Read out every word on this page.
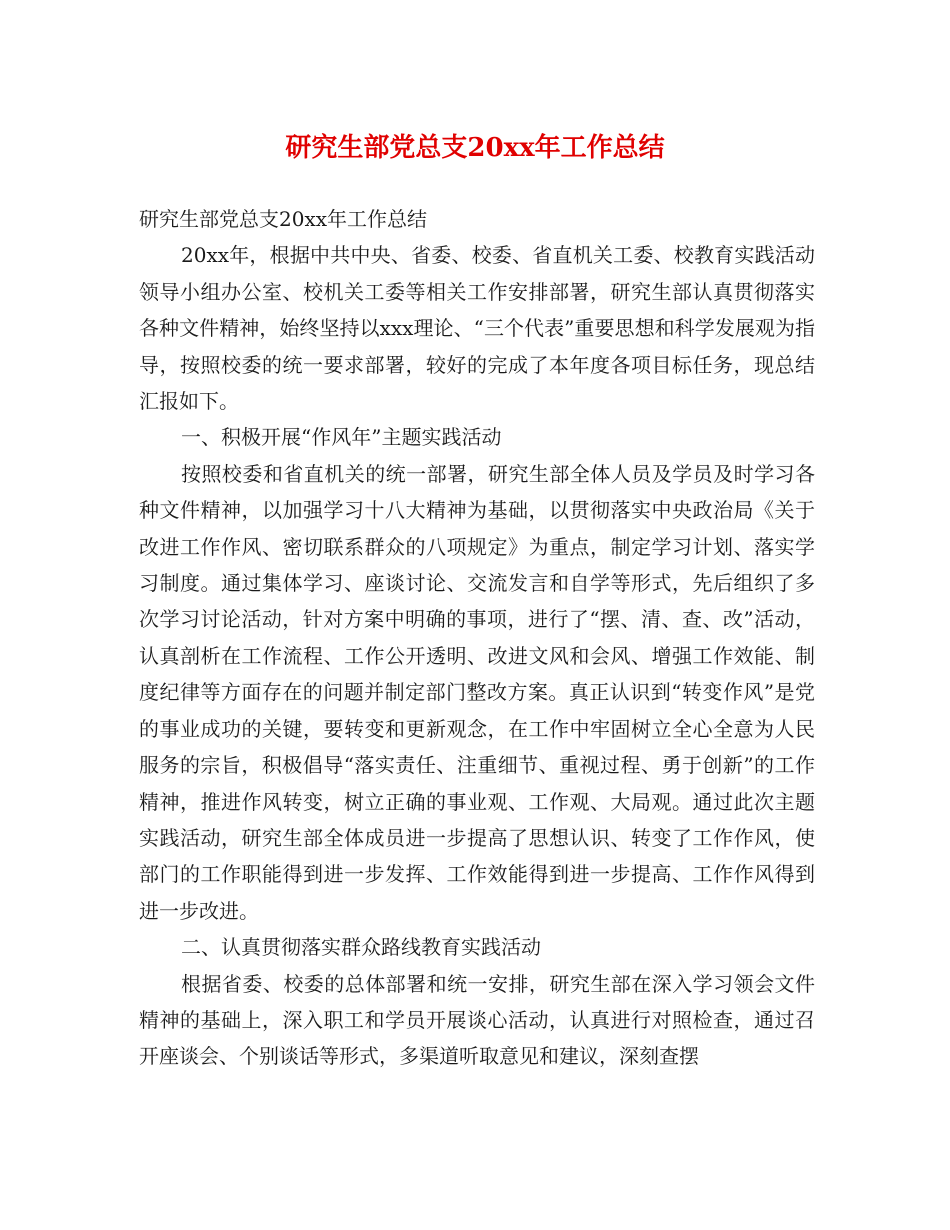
研究生部党总支20xx年工作总结

研究生部党总支20xx年工作总结

20xx年，根据中共中央、省委、校委、省直机关工委、校教育实践活动领导小组办公室、校机关工委等相关工作安排部署，研究生部认真贯彻落实各种文件精神，始终坚持以xxx理论、“三个代表”重要思想和科学发展观为指导，按照校委的统一要求部署，较好的完成了本年度各项目标任务，现总结汇报如下。

一、积极开展“作风年”主题实践活动

按照校委和省直机关的统一部署，研究生部全体人员及学员及时学习各种文件精神，以加强学习十八大精神为基础，以贯彻落实中央政治局《关于改进工作作风、密切联系群众的八项规定》为重点，制定学习计划、落实学习制度。通过集体学习、座谈讨论、交流发言和自学等形式，先后组织了多次学习讨论活动，针对方案中明确的事项，进行了“摆、清、查、改”活动，认真剖析在工作流程、工作公开透明、改进文风和会风、增强工作效能、制度纪律等方面存在的问题并制定部门整改方案。真正认识到“转变作风”是党的事业成功的关键，要转变和更新观念，在工作中牢固树立全心全意为人民服务的宗旨，积极倡导“落实责任、注重细节、重视过程、勇于创新”的工作精神，推进作风转变，树立正确的事业观、工作观、大局观。通过此次主题实践活动，研究生部全体成员进一步提高了思想认识、转变了工作作风，使部门的工作职能得到进一步发挥、工作效能得到进一步提高、工作作风得到进一步改进。

二、认真贯彻落实群众路线教育实践活动

根据省委、校委的总体部署和统一安排，研究生部在深入学习领会文件精神的基础上，深入职工和学员开展谈心活动，认真进行对照检查，通过召开座谈会、个别谈话等形式，多渠道听取意见和建议，深刻查摆
